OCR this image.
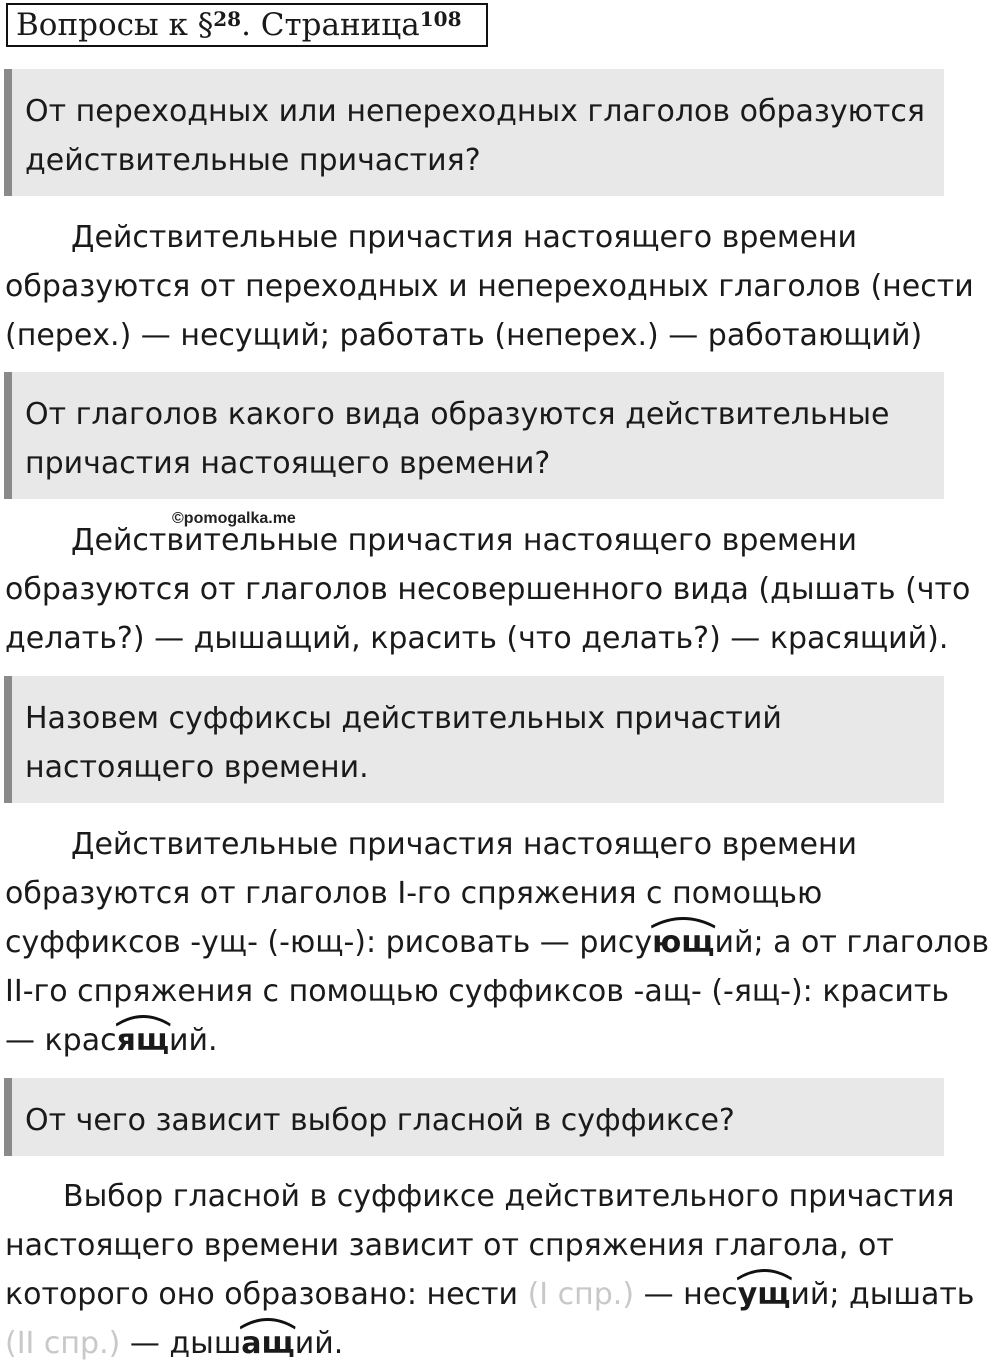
Вопросы к §$^{28}$. Страница$^{108}$
От переходных или непереходных глаголов образуются
действительные причастия?
Действительные причастия настоящего времени
образуются от переходных и непереходных глаголов (нести
(перех.) — несущий; работать (неперех.) — работающий)
От глаголов какого вида образуются действительные
причастия настоящего времени?
©pomogalka.me
Действительные причастия настоящего времени
образуются от глаголов несовершенного вида (дышать (что
делать?) — дышащий, красить (что делать?) — красящий).
Назовем суффиксы действительных причастий
настоящего времени.
Действительные причастия настоящего времени
образуются от глаголов I-го спряжения с помощью
суффиксов -ущ- (-ющ-): рисовать — рису
ющий; а от глаголов
II-го спряжения с помощью суффиксов -ащ- (-ящ-): красить
— крас
ящий.
От чего зависит выбор гласной в суффиксе?
Выбор гласной в суффиксе действительного причастия
настоящего времени зависит от спряжения глагола, от
которого оно образовано: нести (I спр.) — нес
ущий; дышать
(II спр.) — дыш
ащий.
